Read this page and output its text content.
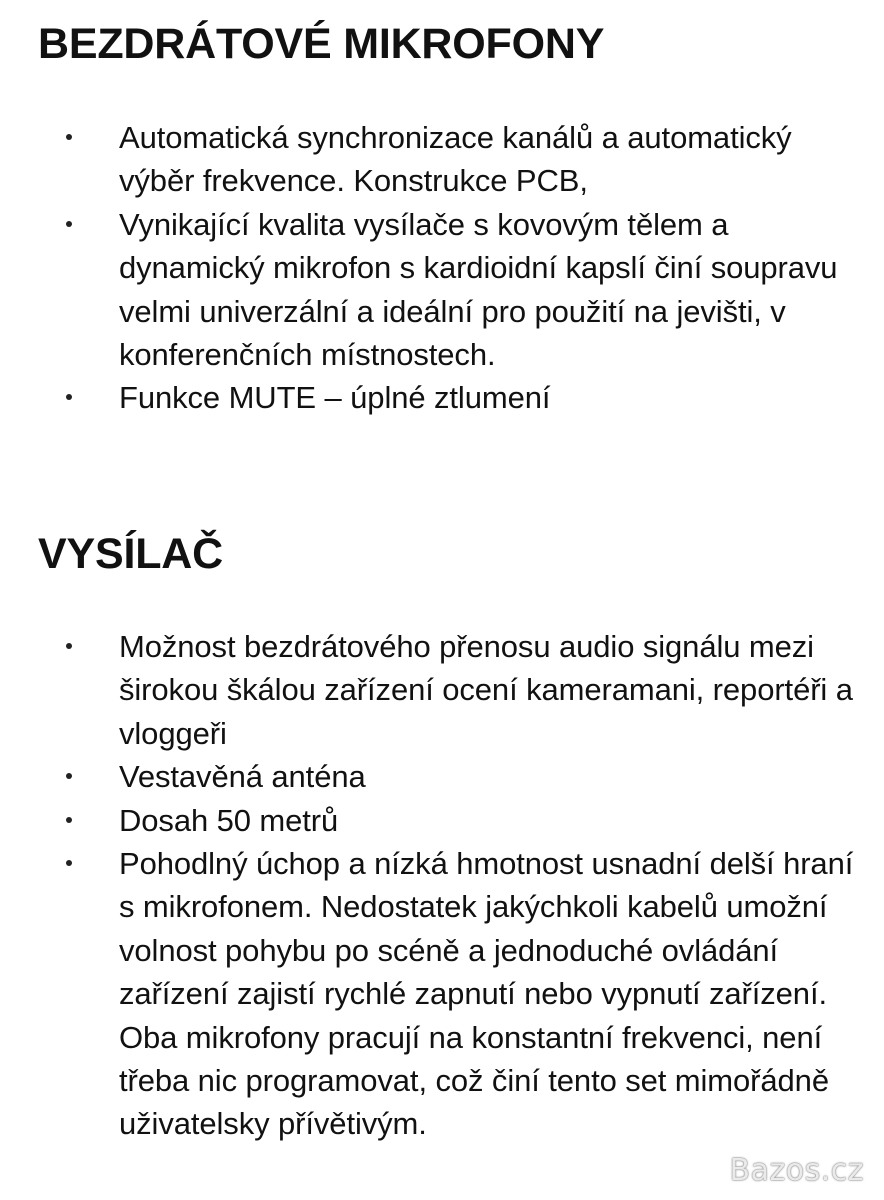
BEZDRÁTOVÉ MIKROFONY
Automatická synchronizace kanálů a automatický výběr frekvence. Konstrukce PCB,
Vynikající kvalita vysílače s kovovým tělem a dynamický mikrofon s kardioidní kapslí činí soupravu velmi univerzální a ideální pro použití na jevišti, v konferenčních místnostech.
Funkce MUTE – úplné ztlumení
VYSÍLAČ
Možnost bezdrátového přenosu audio signálu mezi širokou škálou zařízení ocení kameramani, reportéři a vloggeři
Vestavěná anténa
Dosah 50 metrů
Pohodlný úchop a nízká hmotnost usnadní delší hraní s mikrofonem. Nedostatek jakýchkoli kabelů umožní volnost pohybu po scéně a jednoduché ovládání zařízení zajistí rychlé zapnutí nebo vypnutí zařízení. Oba mikrofony pracují na konstantní frekvenci, není třeba nic programovat, což činí tento set mimořádně uživatelsky přívětivým.
Bazos.cz
